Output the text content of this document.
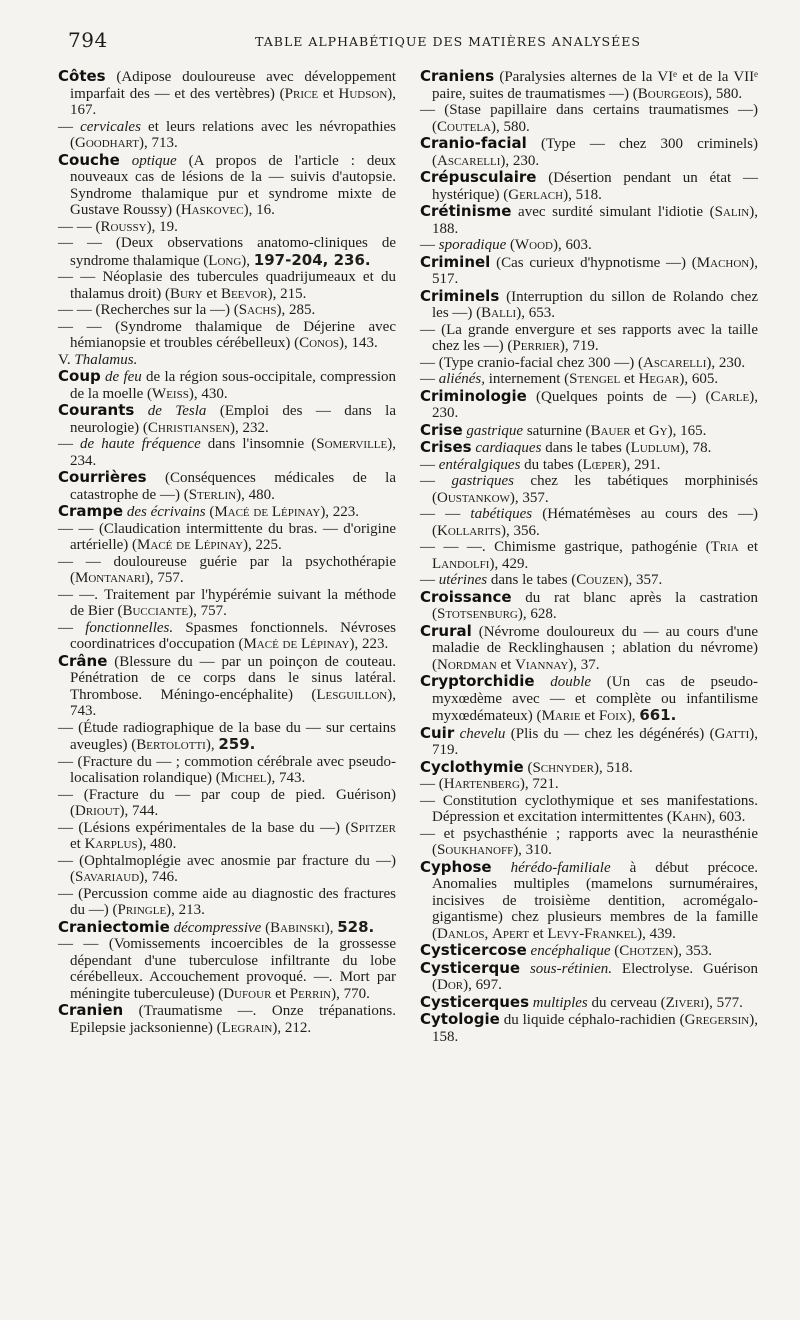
794	TABLE ALPHABÉTIQUE DES MATIÈRES ANALYSÉES

Côtes (Adipose douloureuse avec développement imparfait des — et des vertèbres) (Price et Hudson), 167.

— cervicales et leurs relations avec les névropathies (Goodhart), 713.

Couche optique (A propos de l'article : deux nouveaux cas de lésions de la — suivis d'autopsie. Syndrome thalamique pur et syndrome mixte de Gustave Roussy) (Haskovec), 16.

— — (Roussy), 19.

— — (Deux observations anatomo-cliniques de syndrome thalamique (Long), 197-204, 236.

— — Néoplasie des tubercules quadrijumeaux et du thalamus droit) (Bury et Beevor), 215.

— — (Recherches sur la —) (Sachs), 285.

— — (Syndrome thalamique de Déjerine avec hémianopsie et troubles cérébelleux) (Conos), 143.

V. Thalamus.

Coup de feu de la région sous-occipitale, compression de la moelle (Weiss), 430.

Courants de Tesla (Emploi des — dans la neurologie) (Christiansen), 232.

— de haute fréquence dans l'insomnie (Somerville), 234.

Courrières (Conséquences médicales de la catastrophe de —) (Sterlin), 480.

Crampe des écrivains (Macé de Lépinay), 223.

— — (Claudication intermittente du bras. — d'origine artérielle) (Macé de Lépinay), 225.

— — douloureuse guérie par la psychothérapie (Montanari), 757.

— —. Traitement par l'hypérémie suivant la méthode de Bier (Bucciante), 757.

— fonctionnelles. Spasmes fonctionnels. Névroses coordinatrices d'occupation (Macé de Lépinay), 223.

Crâne (Blessure du — par un poinçon de couteau. Pénétration de ce corps dans le sinus latéral. Thrombose. Méningo-encéphalite) (Lesguillon), 743.

— (Étude radiographique de la base du — sur certains aveugles) (Bertolotti), 259.

— (Fracture du — ; commotion cérébrale avec pseudo-localisation rolandique) (Michel), 743.

— (Fracture du — par coup de pied. Guérison) (Driout), 744.

— (Lésions expérimentales de la base du —) (Spitzer et Karplus), 480.

— (Ophtalmoplégie avec anosmie par fracture du —) (Savariaud), 746.

— (Percussion comme aide au diagnostic des fractures du —) (Pringle), 213.

Craniectomie décompressive (Babinski), 528.

— — (Vomissements incoercibles de la grossesse dépendant d'une tuberculose infiltrante du lobe cérébelleux. Accouchement provoqué. —. Mort par méningite tuberculeuse) (Dufour et Perrin), 770.

Cranien (Traumatisme —. Onze trépanations. Epilepsie jacksonienne) (Legrain), 212.

Craniens (Paralysies alternes de la VIᵉ et de la VIIᵉ paire, suites de traumatismes —) (Bourgeois), 580.

— (Stase papillaire dans certains traumatismes —) (Coutela), 580.

Cranio-facial (Type — chez 300 criminels) (Ascarelli), 230.

Crépusculaire (Désertion pendant un état — hystérique) (Gerlach), 518.

Crétinisme avec surdité simulant l'idiotie (Salin), 188.

— sporadique (Wood), 603.

Criminel (Cas curieux d'hypnotisme —) (Machon), 517.

Criminels (Interruption du sillon de Rolando chez les —) (Balli), 653.

— (La grande envergure et ses rapports avec la taille chez les —) (Perrier), 719.

— (Type cranio-facial chez 300 —) (Ascarelli), 230.

— aliénés, internement (Stengel et Hegar), 605.

Criminologie (Quelques points de —) (Carle), 230.

Crise gastrique saturnine (Bauer et Gy), 165.

Crises cardiaques dans le tabes (Ludlum), 78.

— entéralgiques du tabes (Lœper), 291.

— gastriques chez les tabétiques morphinisés (Oustankow), 357.

— — tabétiques (Hématémèses au cours des —) (Kollarits), 356.

— — —. Chimisme gastrique, pathogénie (Tria et Landolfi), 429.

— utérines dans le tabes (Couzen), 357.

Croissance du rat blanc après la castration (Stotsenburg), 628.

Crural (Névrome douloureux du — au cours d'une maladie de Recklinghausen ; ablation du névrome) (Nordman et Viannay), 37.

Cryptorchidie double (Un cas de pseudo-myxœdème avec — et complète ou infantilisme myxœdémateux) (Marie et Foix), 661.

Cuir chevelu (Plis du — chez les dégénérés) (Gatti), 719.

Cyclothymie (Schnyder), 518.

— (Hartenberg), 721.

— Constitution cyclothymique et ses manifestations. Dépression et excitation intermittentes (Kahn), 603.

— et psychasthénie ; rapports avec la neurasthénie (Soukhanoff), 310.

Cyphose hérédo-familiale à début précoce. Anomalies multiples (mamelons surnuméraires, incisives de troisième dentition, acromégalo-gigantisme) chez plusieurs membres de la famille (Danlos, Apert et Levy-Frankel), 439.

Cysticercose encéphalique (Chotzen), 353.

Cysticerque sous-rétinien. Electrolyse. Guérison (Dor), 697.

Cysticerques multiples du cerveau (Ziveri), 577.

Cytologie du liquide céphalo-rachidien (Gregersin), 158.
